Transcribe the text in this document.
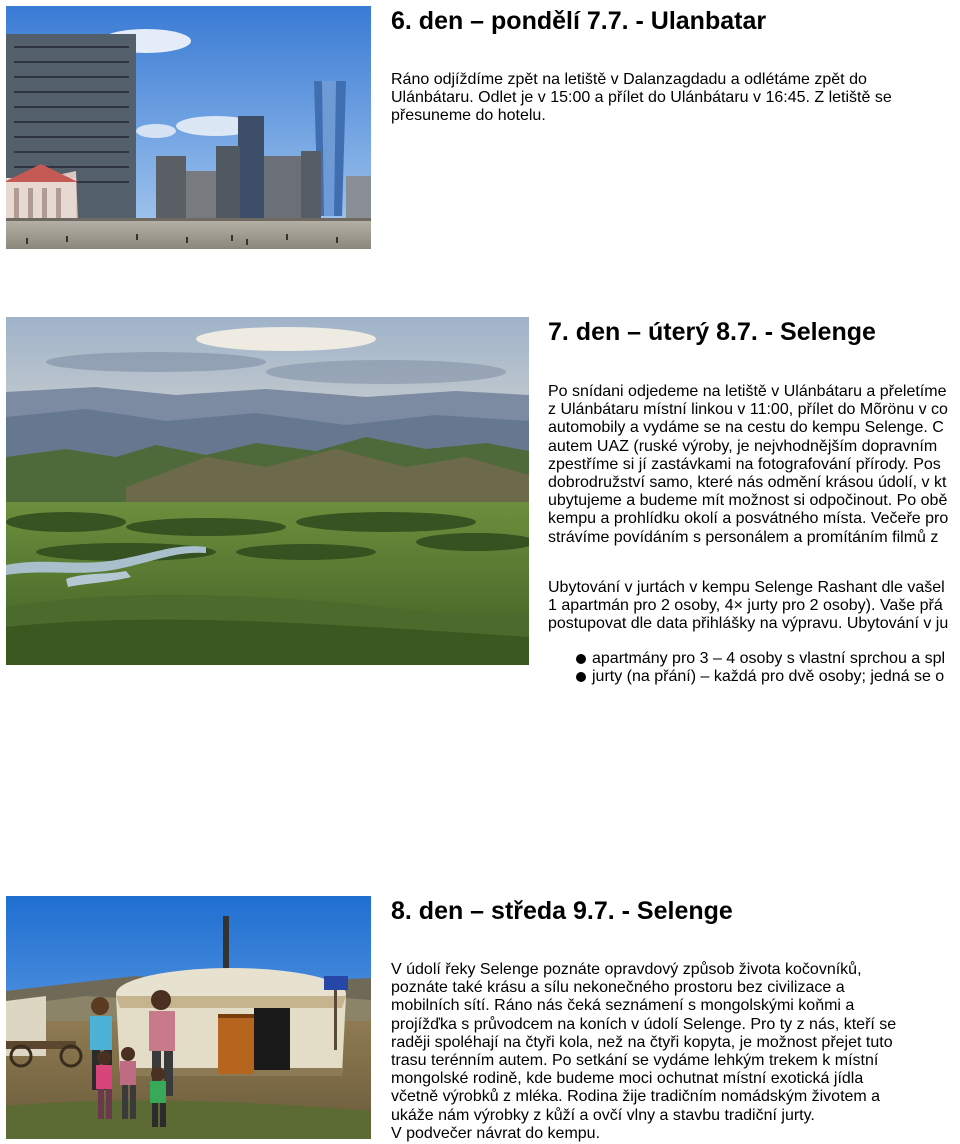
6. den – pondělí 7.7. - Ulanbatar
Ráno odjíždíme zpět na letiště v Dalanzagdadu a odlétáme zpět do
Ulánbátaru. Odlet je v 15:00 a přílet do Ulánbátaru v 16:45. Z letiště se
přesuneme do hotelu.
7. den – úterý 8.7. - Selenge
Po snídani odjedeme na letiště v Ulánbátaru a přeletíme
z Ulánbátaru místní linkou v 11:00, přílet do Mõrönu v co
automobily a vydáme se na cestu do kempu Selenge. C
autem UAZ (ruské výroby, je nejvhodnějším dopravním
zpestříme si jí zastávkami na fotografování přírody. Pos
dobrodružství samo, které nás odmění krásou údolí, v kt
ubytujeme a budeme mít možnost si odpočinout. Po obě
kempu a prohlídku okolí a posvátného místa. Večeře pro
strávíme povídáním s personálem a promítáním filmů z
Ubytování v jurtách v kempu Selenge Rashant dle vašel
1 apartmán pro 2 osoby, 4× jurty pro 2 osoby). Vaše přá
postupovat dle data přihlášky na výpravu. Ubytování v ju
apartmány pro 3 – 4 osoby s vlastní sprchou a spl
jurty (na přání) – každá pro dvě osoby; jedná se o
8. den – středa 9.7. - Selenge
V údolí řeky Selenge poznáte opravdový způsob života kočovníků,
poznáte také krásu a sílu nekonečného prostoru bez civilizace a
mobilních sítí. Ráno nás čeká seznámení s mongolskými koňmi a
projížďka s průvodcem na koních v údolí Selenge. Pro ty z nás, kteří se
raději spoléhají na čtyři kola, než na čtyři kopyta, je možnost přejet tuto
trasu terénním autem. Po setkání se vydáme lehkým trekem k místní
mongolské rodině, kde budeme moci ochutnat místní exotická jídla
včetně výrobků z mléka. Rodina žije tradičním nomádským životem a
ukáže nám výrobky z kůží a ovčí vlny a stavbu tradiční jurty.
V podvečer návrat do kempu.
